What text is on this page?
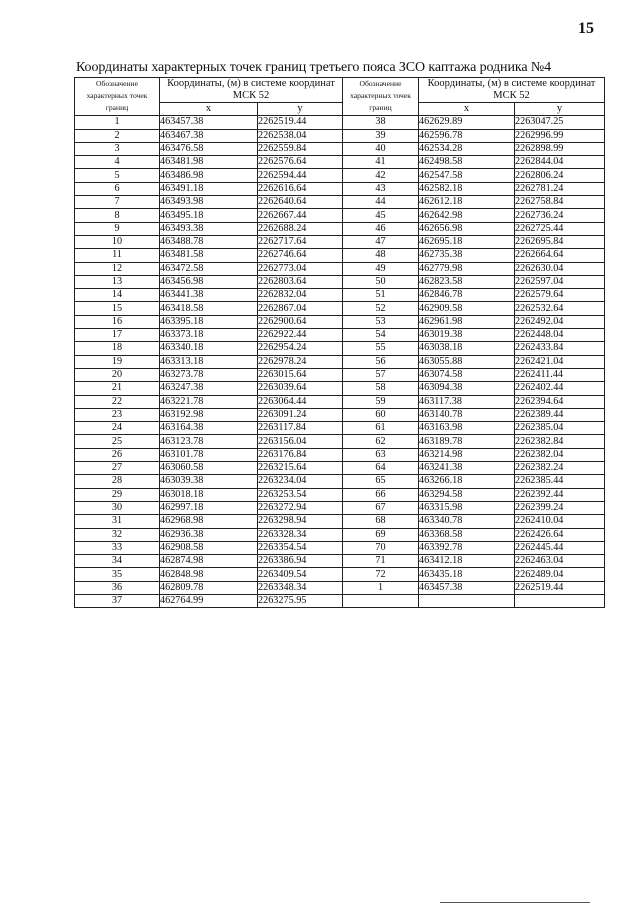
15
Координаты характерных точек границ третьего пояса ЗСО каптажа родника №4
Обозначение характерных точек границ	Координаты, (м) в системе координат МСК 52		Обозначение характерных точек границ	Координаты, (м) в системе координат МСК 52	
	x	y		x	y
1	463457.38	2262519.44	38	462629.89	2263047.25
2	463467.38	2262538.04	39	462596.78	2262996.99
3	463476.58	2262559.84	40	462534.28	2262898.99
4	463481.98	2262576.64	41	462498.58	2262844.04
5	463486.98	2262594.44	42	462547.58	2262806.24
6	463491.18	2262616.64	43	462582.18	2262781.24
7	463493.98	2262640.64	44	462612.18	2262758.84
8	463495.18	2262667.44	45	462642.98	2262736.24
9	463493.38	2262688.24	46	462656.98	2262725.44
10	463488.78	2262717.64	47	462695.18	2262695.84
11	463481.58	2262746.64	48	462735.38	2262664.64
12	463472.58	2262773.04	49	462779.98	2262630.04
13	463456.98	2262803.64	50	462823.58	2262597.04
14	463441.38	2262832.04	51	462846.78	2262579.64
15	463418.58	2262867.04	52	462909.58	2262532.64
16	463395.18	2262900.64	53	462961.98	2262492.04
17	463373.18	2262922.44	54	463019.38	2262448.04
18	463340.18	2262954.24	55	463038.18	2262433.84
19	463313.18	2262978.24	56	463055.88	2262421.04
20	463273.78	2263015.64	57	463074.58	2262411.44
21	463247.38	2263039.64	58	463094.38	2262402.44
22	463221.78	2263064.44	59	463117.38	2262394.64
23	463192.98	2263091.24	60	463140.78	2262389.44
24	463164.38	2263117.84	61	463163.98	2262385.04
25	463123.78	2263156.04	62	463189.78	2262382.84
26	463101.78	2263176.84	63	463214.98	2262382.04
27	463060.58	2263215.64	64	463241.38	2262382.24
28	463039.38	2263234.04	65	463266.18	2262385.44
29	463018.18	2263253.54	66	463294.58	2262392.44
30	462997.18	2263272.94	67	463315.98	2262399.24
31	462968.98	2263298.94	68	463340.78	2262410.04
32	462936.38	2263328.34	69	463368.58	2262426.64
33	462908.58	2263354.54	70	463392.78	2262445.44
34	462874.98	2263386.94	71	463412.18	2262463.04
35	462848.98	2263409.54	72	463435.18	2262489.04
36	462809.78	2263348.34	1	463457.38	2262519.44
37	462764.99	2263275.95			
